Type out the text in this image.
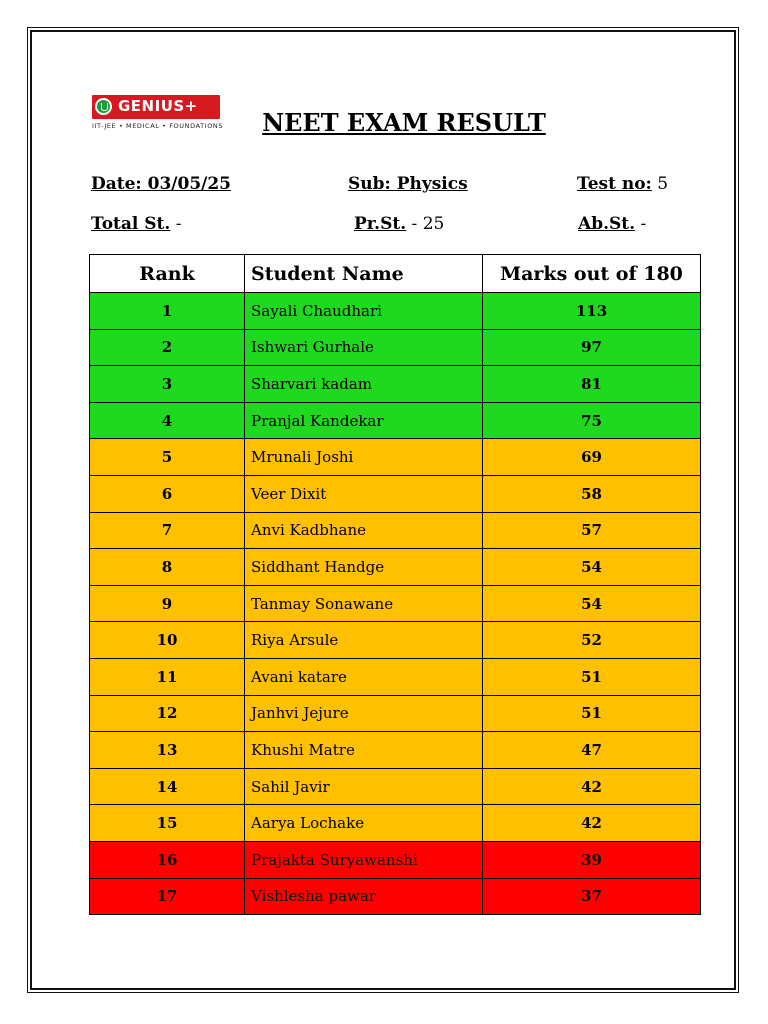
GENIUS+
IIT-JEE • MEDICAL • FOUNDATIONS	NEET EXAM RESULT
Date: 03/05/25	Sub: Physics	Test no: 5
Total St. -	Pr.St. - 25	Ab.St. -
Rank	Student Name	Marks out of 180
1	Sayali Chaudhari	113
2	Ishwari Gurhale	97
3	Sharvari kadam	81
4	Pranjal Kandekar	75
5	Mrunali Joshi	69
6	Veer Dixit	58
7	Anvi Kadbhane	57
8	Siddhant Handge	54
9	Tanmay Sonawane	54
10	Riya Arsule	52
11	Avani katare	51
12	Janhvi Jejure	51
13	Khushi Matre	47
14	Sahil Javir	42
15	Aarya Lochake	42
16	Prajakta Suryawanshi	39
17	Vishlesha pawar	37
